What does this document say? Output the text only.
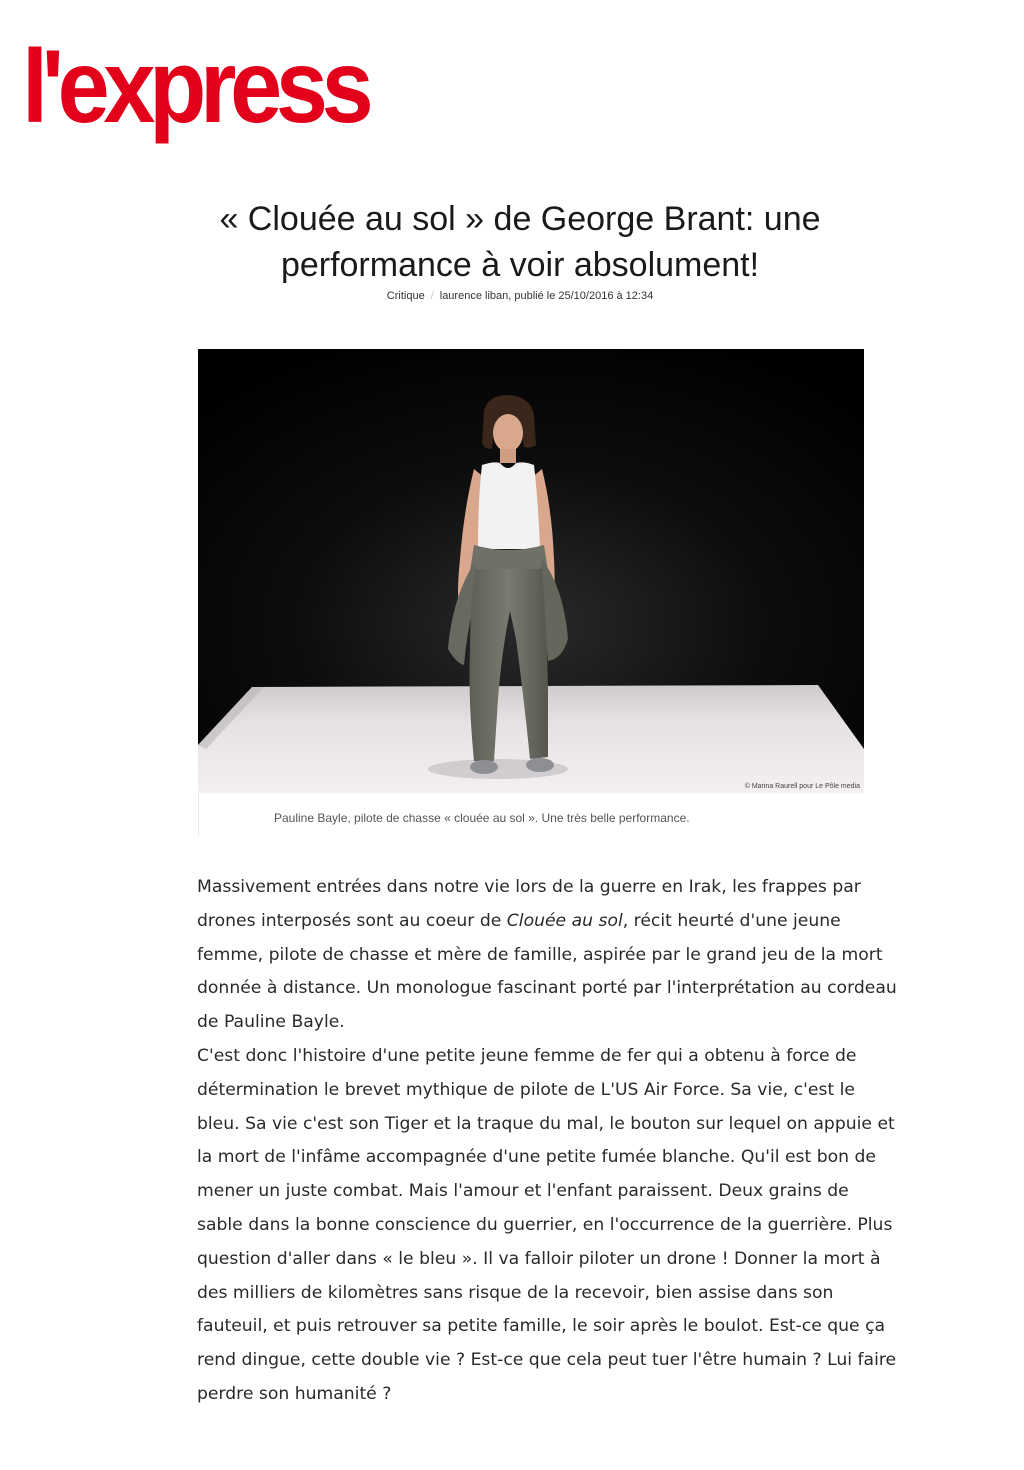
l'express
« Clouée au sol » de George Brant: une performance à voir absolument!
Critique / laurence liban, publié le 25/10/2016 à 12:34
© Marina Raurell pour Le Pôle media
Pauline Bayle, pilote de chasse « clouée au sol ». Une très belle performance.

Massivement entrées dans notre vie lors de la guerre en Irak, les frappes par drones interposés sont au coeur de Clouée au sol, récit heurté d'une jeune femme, pilote de chasse et mère de famille, aspirée par le grand jeu de la mort donnée à distance. Un monologue fascinant porté par l'interprétation au cordeau de Pauline Bayle.

C'est donc l'histoire d'une petite jeune femme de fer qui a obtenu à force de détermination le brevet mythique de pilote de L'US Air Force. Sa vie, c'est le bleu. Sa vie c'est son Tiger et la traque du mal, le bouton sur lequel on appuie et la mort de l'infâme accompagnée d'une petite fumée blanche. Qu'il est bon de mener un juste combat. Mais l'amour et l'enfant paraissent. Deux grains de sable dans la bonne conscience du guerrier, en l'occurrence de la guerrière. Plus question d'aller dans « le bleu ». Il va falloir piloter un drone ! Donner la mort à des milliers de kilomètres sans risque de la recevoir, bien assise dans son fauteuil, et puis retrouver sa petite famille, le soir après le boulot. Est-ce que ça rend dingue, cette double vie ? Est-ce que cela peut tuer l'être humain ? Lui faire perdre son humanité ?
